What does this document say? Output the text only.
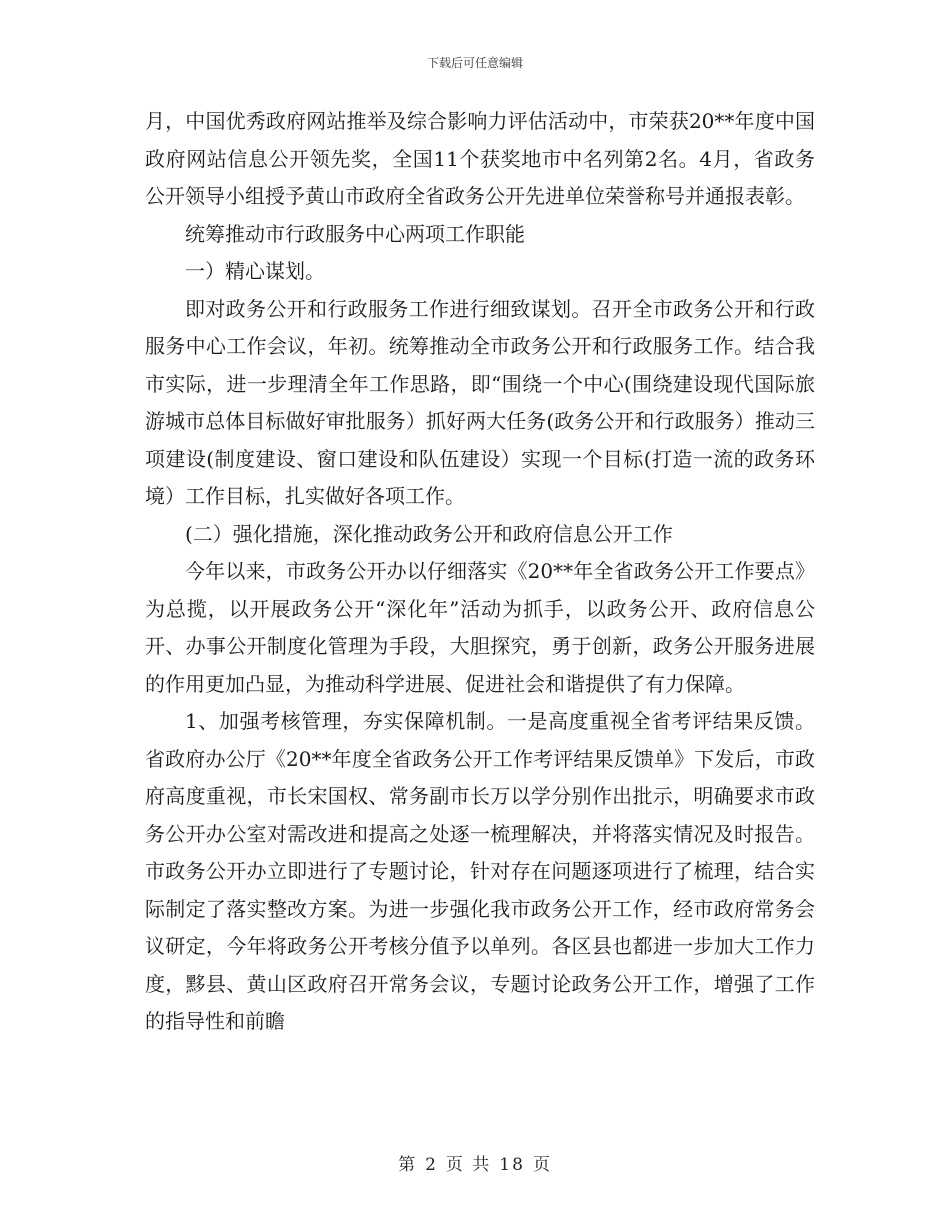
下载后可任意编辑

月，中国优秀政府网站推举及综合影响力评估活动中，市荣获20**年度中国政府网站信息公开领先奖，全国11个获奖地市中名列第2名。4月，省政务公开领导小组授予黄山市政府全省政务公开先进单位荣誉称号并通报表彰。

统筹推动市行政服务中心两项工作职能

一）精心谋划。

即对政务公开和行政服务工作进行细致谋划。召开全市政务公开和行政服务中心工作会议，年初。统筹推动全市政务公开和行政服务工作。结合我市实际，进一步理清全年工作思路，即“围绕一个中心(围绕建设现代国际旅游城市总体目标做好审批服务）抓好两大任务(政务公开和行政服务）推动三项建设(制度建设、窗口建设和队伍建设）实现一个目标(打造一流的政务环境）工作目标，扎实做好各项工作。

(二）强化措施，深化推动政务公开和政府信息公开工作

今年以来，市政务公开办以仔细落实《20**年全省政务公开工作要点》为总揽，以开展政务公开“深化年”活动为抓手，以政务公开、政府信息公开、办事公开制度化管理为手段，大胆探究，勇于创新，政务公开服务进展的作用更加凸显，为推动科学进展、促进社会和谐提供了有力保障。

1、加强考核管理，夯实保障机制。一是高度重视全省考评结果反馈。省政府办公厅《20**年度全省政务公开工作考评结果反馈单》下发后，市政府高度重视，市长宋国权、常务副市长万以学分别作出批示，明确要求市政务公开办公室对需改进和提高之处逐一梳理解决，并将落实情况及时报告。市政务公开办立即进行了专题讨论，针对存在问题逐项进行了梳理，结合实际制定了落实整改方案。为进一步强化我市政务公开工作，经市政府常务会议研定，今年将政务公开考核分值予以单列。各区县也都进一步加大工作力度，黟县、黄山区政府召开常务会议，专题讨论政务公开工作，增强了工作的指导性和前瞻

第 2 页 共 18 页
